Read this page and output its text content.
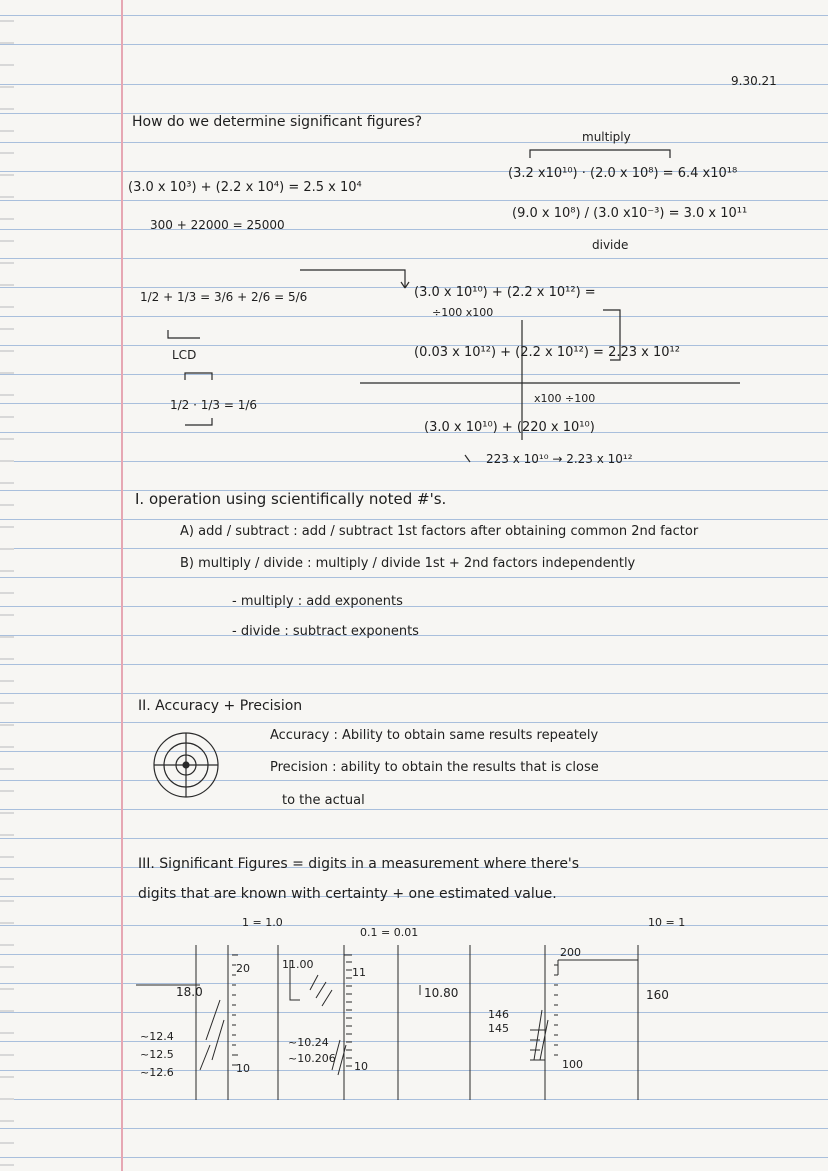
9.30.21
How do we determine significant figures?
(3.0 x 10³) + (2.2 x 10⁴) = 2.5 x 10⁴
300 + 22000 = 25000
1/2 + 1/3 = 3/6 + 2/6 = 5/6
LCD
1/2 · 1/3 = 1/6
multiply
(3.2 x10¹⁰) · (2.0 x 10⁸) = 6.4 x10¹⁸
(9.0 x 10⁸) / (3.0 x10⁻³) = 3.0 x 10¹¹
divide
(3.0 x 10¹⁰) + (2.2 x 10¹²) =
÷100 x100
(0.03 x 10¹²) + (2.2 x 10¹²) = 2.23 x 10¹²
x100 ÷100
(3.0 x 10¹⁰) + (220 x 10¹⁰)
223 x 10¹⁰ → 2.23 x 10¹²
I. operation using scientifically noted #'s.
A) add / subtract : add / subtract 1st factors after obtaining common 2nd factor
B) multiply / divide : multiply / divide 1st + 2nd factors independently
- multiply : add exponents
- divide : subtract exponents
II. Accuracy + Precision
Accuracy : Ability to obtain same results repeately
Precision : ability to obtain the results that is close
to the actual
III. Significant Figures = digits in a measurement where there's
digits that are known with certainty + one estimated value.
1 = 1.0
0.1 = 0.01
10 = 1
20
10
18.0
~12.4
~12.5
~12.6
11.00
11
10
~10.24
~10.206
10.80
200
100
160
146
145
